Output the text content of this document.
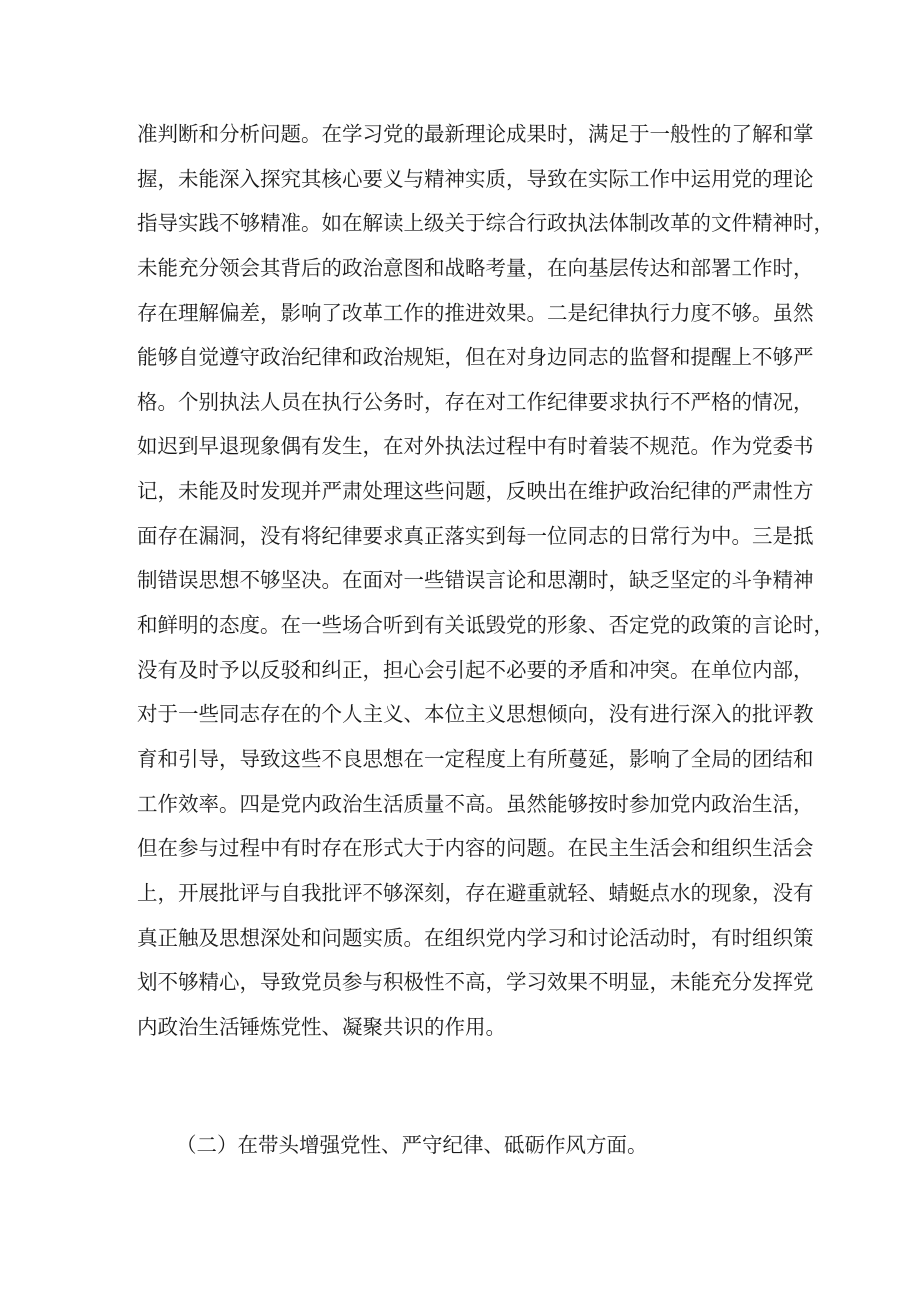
准判断和分析问题。在学习党的最新理论成果时，满足于一般性的了解和掌
握，未能深入探究其核心要义与精神实质，导致在实际工作中运用党的理论
指导实践不够精准。如在解读上级关于综合行政执法体制改革的文件精神时，
未能充分领会其背后的政治意图和战略考量，在向基层传达和部署工作时，
存在理解偏差，影响了改革工作的推进效果。二是纪律执行力度不够。虽然
能够自觉遵守政治纪律和政治规矩，但在对身边同志的监督和提醒上不够严
格。个别执法人员在执行公务时，存在对工作纪律要求执行不严格的情况，
如迟到早退现象偶有发生，在对外执法过程中有时着装不规范。作为党委书
记，未能及时发现并严肃处理这些问题，反映出在维护政治纪律的严肃性方
面存在漏洞，没有将纪律要求真正落实到每一位同志的日常行为中。三是抵
制错误思想不够坚决。在面对一些错误言论和思潮时，缺乏坚定的斗争精神
和鲜明的态度。在一些场合听到有关诋毁党的形象、否定党的政策的言论时，
没有及时予以反驳和纠正，担心会引起不必要的矛盾和冲突。在单位内部，
对于一些同志存在的个人主义、本位主义思想倾向，没有进行深入的批评教
育和引导，导致这些不良思想在一定程度上有所蔓延，影响了全局的团结和
工作效率。四是党内政治生活质量不高。虽然能够按时参加党内政治生活，
但在参与过程中有时存在形式大于内容的问题。在民主生活会和组织生活会
上，开展批评与自我批评不够深刻，存在避重就轻、蜻蜓点水的现象，没有
真正触及思想深处和问题实质。在组织党内学习和讨论活动时，有时组织策
划不够精心，导致党员参与积极性不高，学习效果不明显，未能充分发挥党
内政治生活锤炼党性、凝聚共识的作用。
（二）在带头增强党性、严守纪律、砥砺作风方面。
